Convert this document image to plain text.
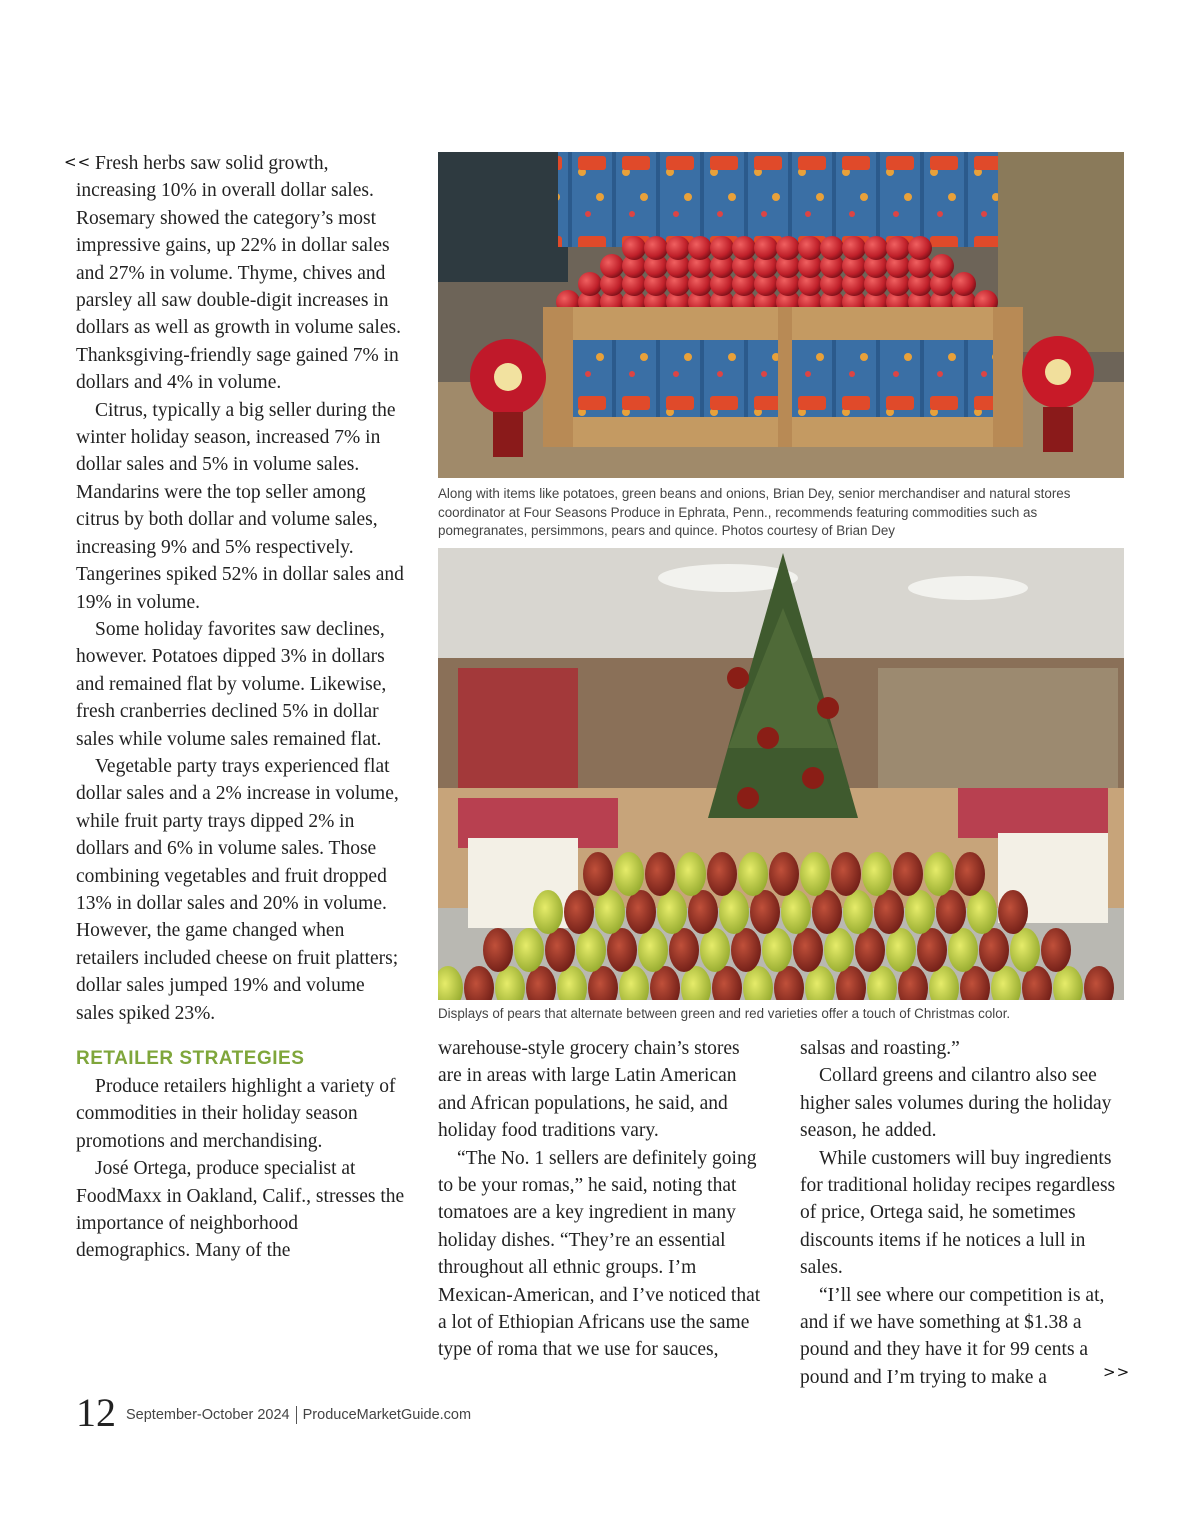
<< Fresh herbs saw solid growth, increasing 10% in overall dollar sales. Rosemary showed the category’s most impressive gains, up 22% in dollar sales and 27% in volume. Thyme, chives and parsley all saw double-digit increases in dollars as well as growth in volume sales. Thanksgiving-friendly sage gained 7% in dollars and 4% in volume.

Citrus, typically a big seller during the winter holiday season, increased 7% in dollar sales and 5% in volume sales. Mandarins were the top seller among citrus by both dollar and volume sales, increasing 9% and 5% respectively. Tangerines spiked 52% in dollar sales and 19% in volume.

Some holiday favorites saw declines, however. Potatoes dipped 3% in dollars and remained flat by volume. Likewise, fresh cranberries declined 5% in dollar sales while volume sales remained flat.

Vegetable party trays experienced flat dollar sales and a 2% increase in volume, while fruit party trays dipped 2% in dollars and 6% in volume sales. Those combining vegetables and fruit dropped 13% in dollar sales and 20% in volume. However, the game changed when retailers included cheese on fruit platters; dollar sales jumped 19% and volume sales spiked 23%.

RETAILER STRATEGIES

Produce retailers highlight a variety of commodities in their holiday season promotions and merchandising.

José Ortega, produce specialist at FoodMaxx in Oakland, Calif., stresses the importance of neighborhood demographics. Many of the

Along with items like potatoes, green beans and onions, Brian Dey, senior merchandiser and natural stores coordinator at Four Seasons Produce in Ephrata, Penn., recommends featuring commodities such as pomegranates, persimmons, pears and quince. Photos courtesy of Brian Dey
Displays of pears that alternate between green and red varieties offer a touch of Christmas color.

warehouse-style grocery chain’s stores are in areas with large Latin American and African populations, he said, and holiday food traditions vary.

“The No. 1 sellers are definitely going to be your romas,” he said, noting that tomatoes are a key ingredient in many holiday dishes. “They’re an essential throughout all ethnic groups. I’m Mexican-American, and I’ve noticed that a lot of Ethiopian Africans use the same type of roma that we use for sauces,

salsas and roasting.”

Collard greens and cilantro also see higher sales volumes during the holiday season, he added.

While customers will buy ingredients for traditional holiday recipes regardless of price, Ortega said, he sometimes discounts items if he notices a lull in sales.

“I’ll see where our competition is at, and if we have something at $1.38 a pound and they have it for 99 cents a pound and I’m trying to make a	>>
12 September-October 2024 ProduceMarketGuide.com
